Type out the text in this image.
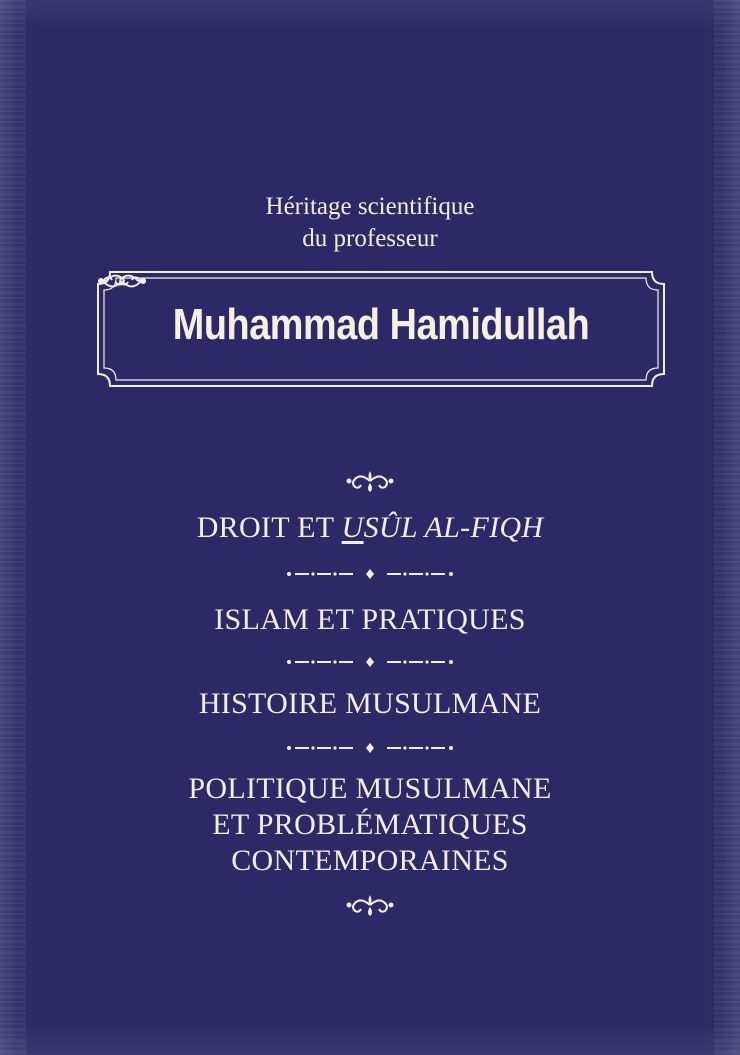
Héritage scientifique
du professeur
Muhammad Hamidullah
DROIT ET USÛL AL-FIQH
ISLAM ET PRATIQUES
HISTOIRE MUSULMANE
POLITIQUE MUSULMANE
ET PROBLÉMATIQUES
CONTEMPORAINES
